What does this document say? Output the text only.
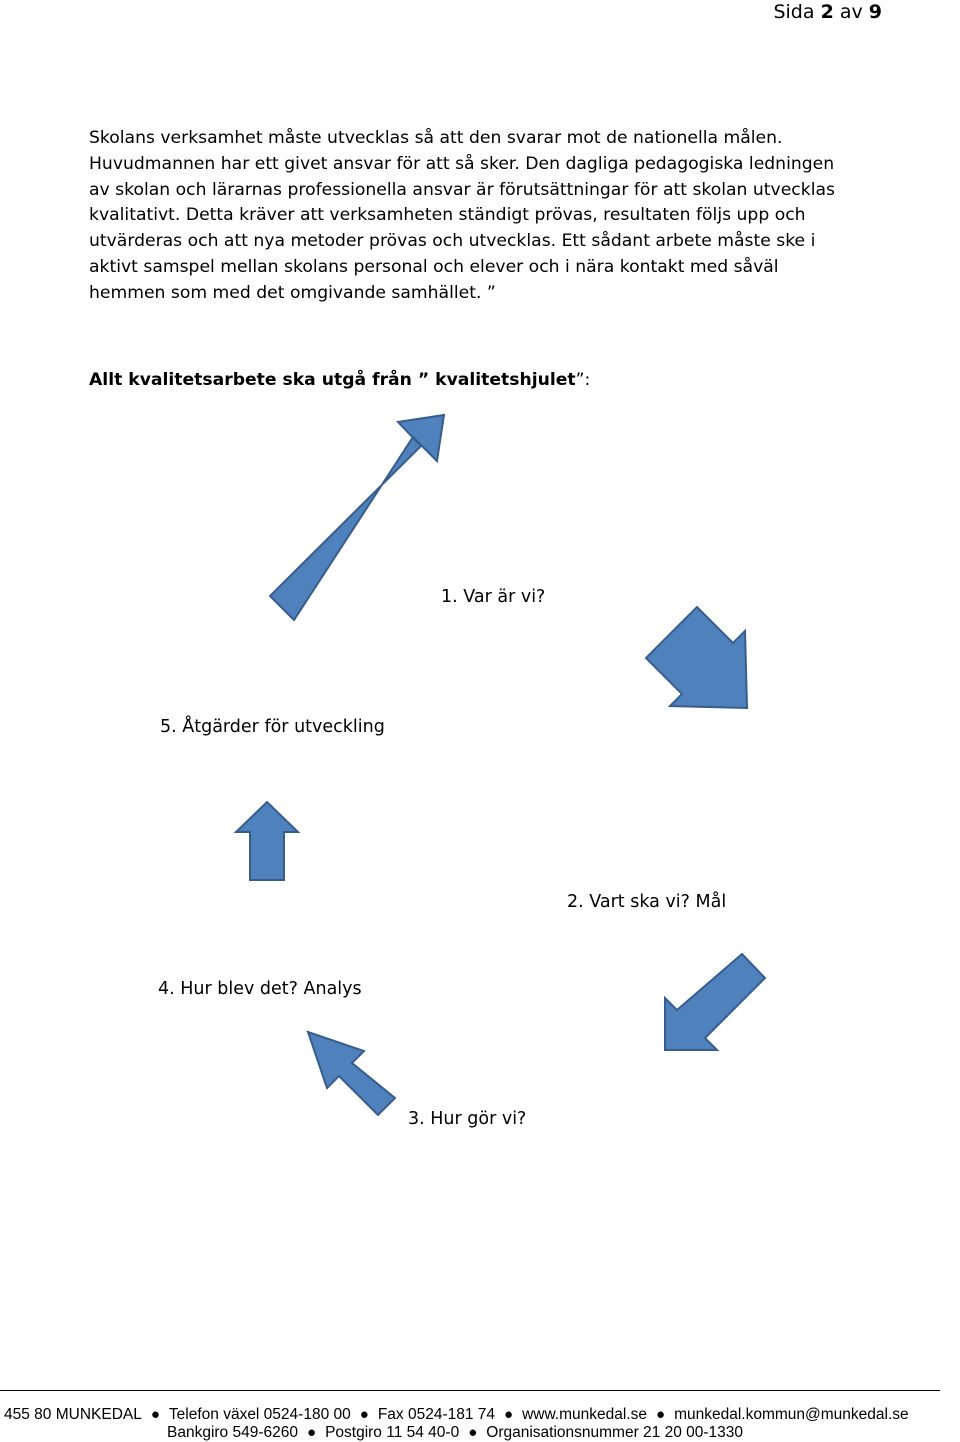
Sida 2 av 9

Skolans verksamhet måste utvecklas så att den svarar mot de nationella målen.
Huvudmannen har ett givet ansvar för att så sker. Den dagliga pedagogiska ledningen
av skolan och lärarnas professionella ansvar är förutsättningar för att skolan utvecklas
kvalitativt. Detta kräver att verksamheten ständigt prövas, resultaten följs upp och
utvärderas och att nya metoder prövas och utvecklas. Ett sådant arbete måste ske i
aktivt samspel mellan skolans personal och elever och i nära kontakt med såväl
hemmen som med det omgivande samhället. ”

Allt kvalitetsarbete ska utgå från ” kvalitetshjulet”:

1. Var är vi?
2. Vart ska vi? Mål
3. Hur gör vi?
4. Hur blev det? Analys
5. Åtgärder för utveckling
455 80 MUNKEDAL ● Telefon växel 0524-180 00 ● Fax 0524-181 74 ● www.munkedal.se ● munkedal.kommun@munkedal.se
Bankgiro 549-6260 ● Postgiro 11 54 40-0 ● Organisationsnummer 21 20 00-1330
